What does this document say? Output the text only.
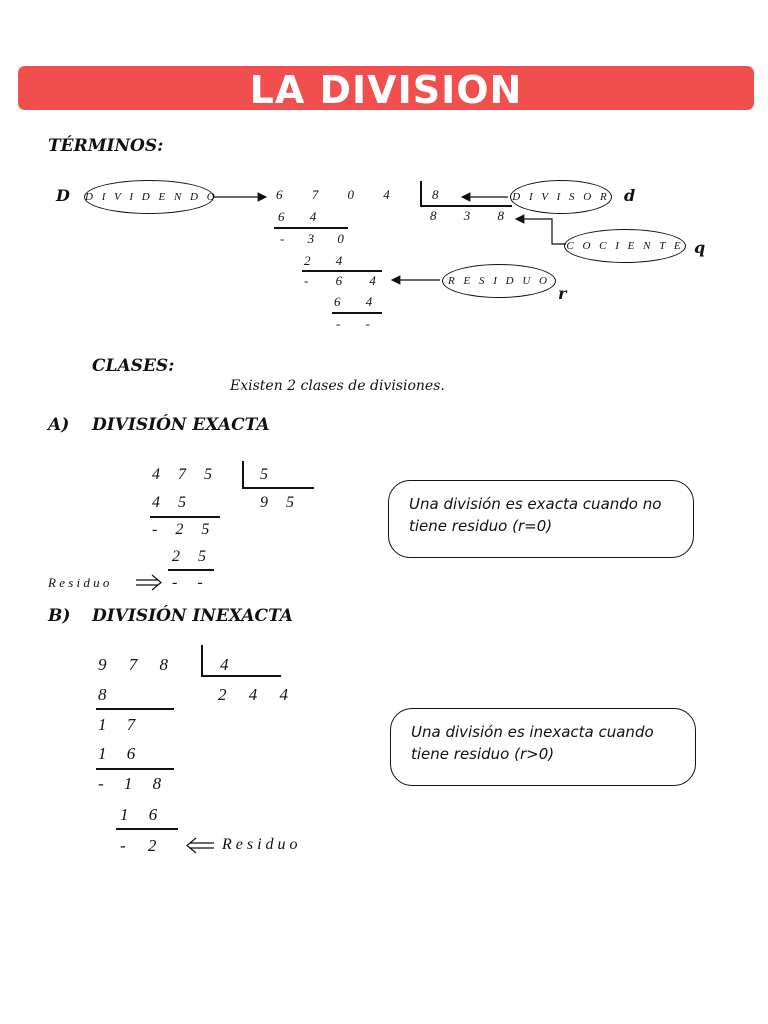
LA DIVISION
TÉRMINOS:
D D I V I D E N D O	6 7 0 4	8
8 3 8
D I V I S O R d
C O C I E N T E q
6 4
- 3 0
2 4
- 6 4
6 4
- -
R E S I D U O
r
CLASES:
Existen 2 clases de divisiones.
A) DIVISIÓN EXACTA
4 7 5	5
9 5
4 5
- 2 5
2 5
- -
R e s i d u o
Una división es exacta cuando no tiene residuo (r=0)
B) DIVISIÓN INEXACTA
9 7 8	4
2 4 4
8
1 7
1 6
- 1 8
1 6
- 2	R e s i d u o
Una división es inexacta cuando tiene residuo (r>0)
